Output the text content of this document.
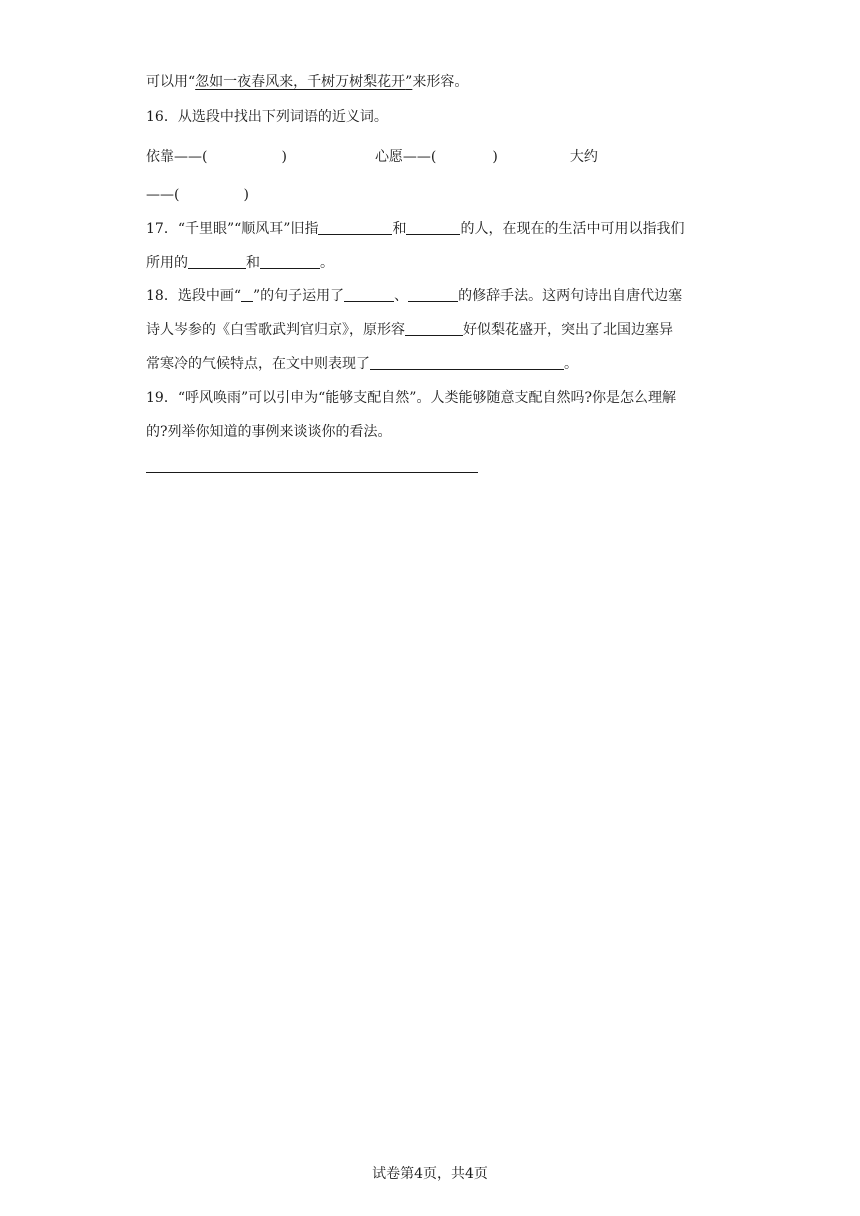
可以用“忽如一夜春风来，千树万树梨花开”来形容。
16．从选段中找出下列词语的近义词。
依靠——(	)	心愿——(	)	大约
——(	)
17．“千里眼”“顺风耳”旧指	和	的人，在现在的生活中可用以指我们
所用的	和	。
18．选段中画“ ”的句子运用了	、	的修辞手法。这两句诗出自唐代边塞
诗人岑参的《白雪歌武判官归京》，原形容	好似梨花盛开，突出了北国边塞异
常寒冷的气候特点，在文中则表现了	。
19．“呼风唤雨”可以引申为“能够支配自然”。人类能够随意支配自然吗?你是怎么理解
的?列举你知道的事例来谈谈你的看法。
试卷第4页，共4页
